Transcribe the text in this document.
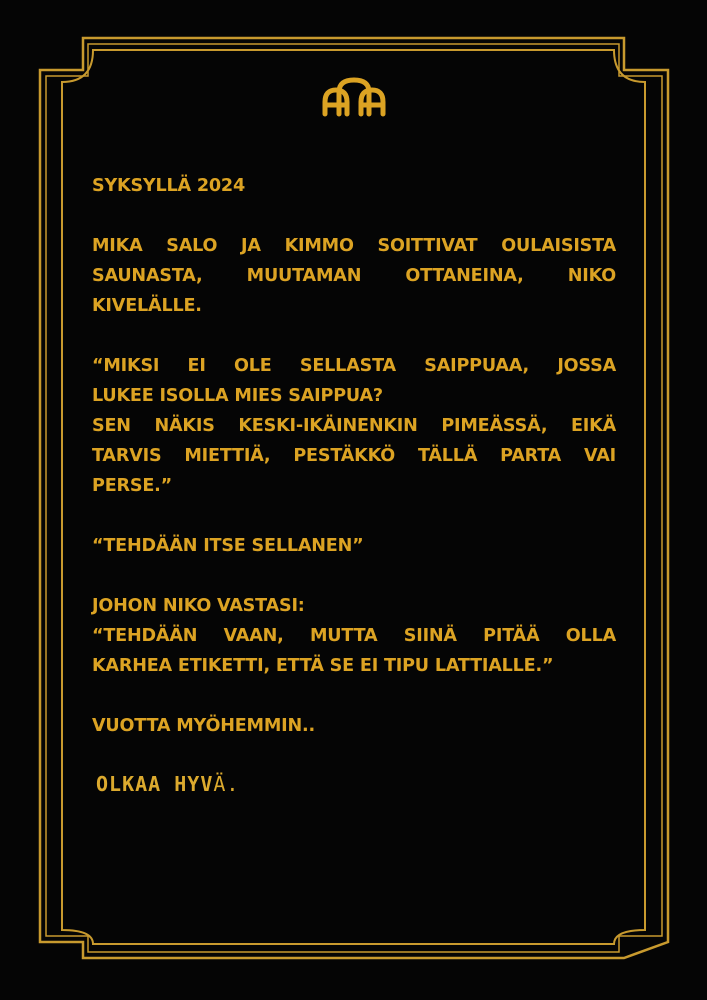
SYKSYLLÄ 2024

MIKA SALO JA KIMMO SOITTIVAT OULAISISTA
SAUNASTA, MUUTAMAN OTTANEINA, NIKO
KIVELÄLLE.

“MIKSI EI OLE SELLASTA SAIPPUAA, JOSSA
LUKEE ISOLLA MIES SAIPPUA?
SEN NÄKIS KESKI-IKÄINENKIN PIMEÄSSÄ, EIKÄ
TARVIS MIETTIÄ, PESTÄKKÖ TÄLLÄ PARTA VAI
PERSE.”

“TEHDÄÄN ITSE SELLANEN”

JOHON NIKO VASTASI:
“TEHDÄÄN VAAN, MUTTA SIINÄ PITÄÄ OLLA
KARHEA ETIKETTI, ETTÄ SE EI TIPU LATTIALLE.”

VUOTTA MYÖHEMMIN..

OLKAA HYVÄ.
